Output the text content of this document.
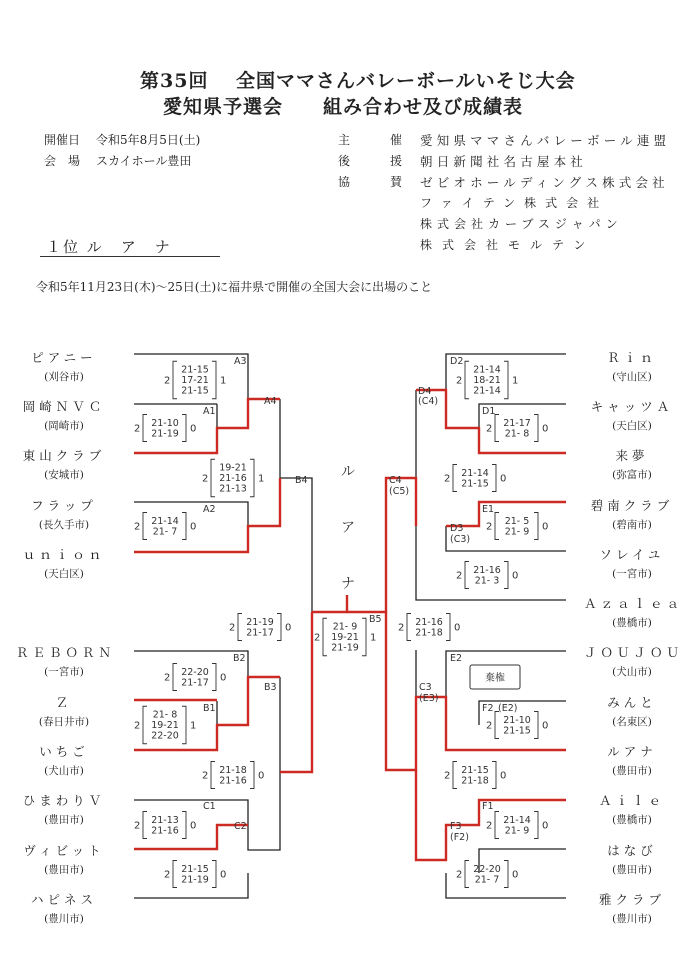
第35回　 全国ママさんバレーボールいそじ大会
愛知県予選会　　組み合わせ及び成績表
開催日 令和5年8月5日(土)
会　場 スカイホール豊田
主　催 愛知県ママさんバレーボール連盟
後　援 朝日新聞社名古屋本社
協　賛 ゼビオホールディングス株式会社
ファイテン株式会社
株式会社カーブスジャパン
株式会社モルテン
１位 ル　ア　ナ
令和5年11月23日(木)～25日(土)に福井県で開催の全国大会に出場のこと
ピアニー
(刈谷市)
岡崎ＮＶＣ
(岡崎市)
東山クラブ
(安城市)
フラップ
(長久手市)
ｕｎｉｏｎ
(天白区)
ＲＥＢＯＲＮ
(一宮市)
Ｚ
(春日井市)
いちご
(犬山市)
ひまわりＶ
(豊田市)
ヴィビット
(豊田市)
ハピネス
(豊川市)
Ｒｉｎ
(守山区)
キャッツＡ
(天白区)
来夢
(弥富市)
碧南クラブ
(碧南市)
ソレイユ
(一宮市)
Ａｚａｌｅａ
(豊橋市)
ＪＯＵＪＯＵ
(犬山市)
みんと
(名東区)
ルアナ
(豊田市)
Ａｉｌｅ
(豊橋市)
はなび
(豊田市)
雅クラブ
(豊川市)
A3
A1
A4
A2
B4
B2
B3
B1
C1
C2
B5
D2
D4
(C4)
D1
C4
(C5)
E1
D3
(C3)
E2
C3
(E3)
F2 (E2)
F1
F3
(F2)
ル
ア
ナ
棄権
2
21-15
17-21
21-15
1
2
21-10
21-19 0
2
19-21
21-16
21-13
1
2
21-14
21- 7 0
2
21-19
21-17 0
2
22-20
21-17 0
2
21- 8
19-21
22-20
1
2
21-18
21-16 0
2
21-13
21-16 0
2
21-15
21-19 0
2
21- 9
19-21
21-19
1
2
21-14
18-21
21-14
1
2
21-17
21- 8 0
2
21-14
21-15 0
2
21- 5
21- 9 0
2
21-16
21- 3 0
2
21-16
21-18 0
2
21-10
21-15 0
2
21-15
21-18 0
2
21-14
21- 9 0
2
22-20
21- 7 0
